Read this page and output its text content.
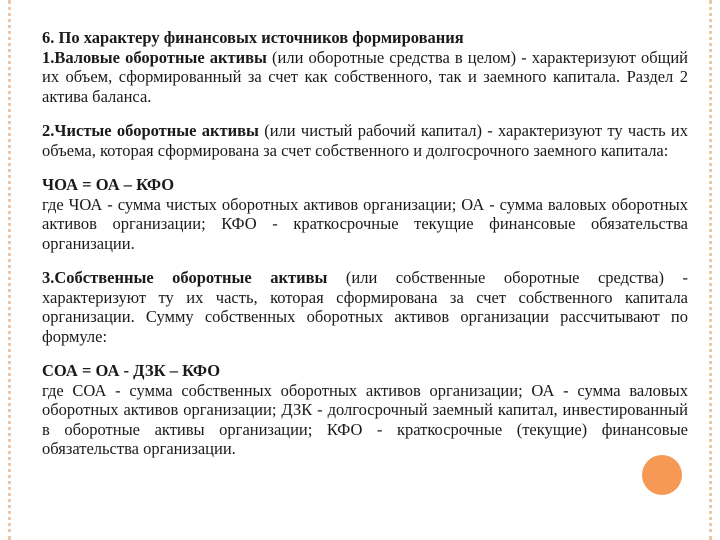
6. По характеру финансовых источников формирования
1.Валовые оборотные активы (или оборотные средства в целом) - характеризуют общий их объем, сформированный за счет как собственного, так и заемного капитала. Раздел 2 актива баланса.

2.Чистые оборотные активы (или чистый рабочий капитал) - характеризуют ту часть их объема, которая сформирована за счет собственного и долгосрочного заемного капитала:

ЧОА = ОА – КФО
где ЧОА - сумма чистых оборотных активов организации; ОА - сумма валовых оборотных активов организации; КФО - краткосрочные текущие финансовые обязательства организации.

3.Собственные оборотные активы (или собственные оборотные средства) - характеризуют ту их часть, которая сформирована за счет собственного капитала организации. Сумму собственных оборотных активов организации рассчитывают по формуле:

СОА = ОА - ДЗК – КФО
где СОА - сумма собственных оборотных активов организации; ОА - сумма валовых оборотных активов организации; ДЗК - долгосрочный заемный капитал, инвестированный в оборотные активы организации; КФО - краткосрочные (текущие) финансовые обязательства организации.
